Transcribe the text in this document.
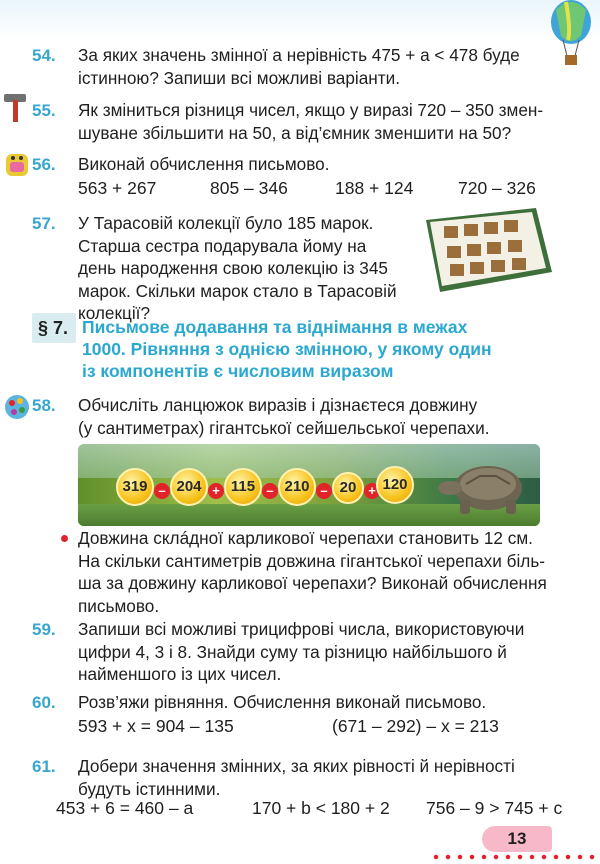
54. За яких значень змінної а нерівність 475 + а < 478 буде

істинною? Запиши всі можливі варіанти.

55. Як зміниться різниця чисел, якщо у виразі 720 – 350 змен-

шуване збільшити на 50, а від’ємник зменшити на 50?

56. Виконай обчислення письмово.

563 + 267	805 – 346	188 + 124	720 – 326
57. У Тарасовій колекції було 185 марок.

Старша сестра подарувала йому на

день народження свою колекцію із 345

марок. Скільки марок стало в Тарасовій

колекції?

§ 7. Письмове додавання та віднімання в межах
1000. Рівняння з однією змінною, у якому один
із компонентів є числовим виразом
58. Обчисліть ланцюжок виразів і дізнаєтеся довжину

(у сантиметрах) гігантської сейшельської черепахи.

319 – 204 + 115 – 210 – 20 + 120

Довжина склáдної карликової черепахи становить 12 см.

На скільки сантиметрів довжина гігантської черепахи біль-

ша за довжину карликової черепахи? Виконай обчислення

письмово.

59. Запиши всі можливі трицифрові числа, використовуючи

цифри 4, 3 і 8. Знайди суму та різницю найбільшого й

найменшого із цих чисел.

60. Розв’яжи рівняння. Обчислення виконай письмово.

593 + x = 904 – 135	(671 – 292) – x = 213
61. Добери значення змінних, за яких рівності й нерівності

будуть істинними.

453 + 6 = 460 – a	170 + b < 180 + 2 756 – 9 > 745 + c
13
